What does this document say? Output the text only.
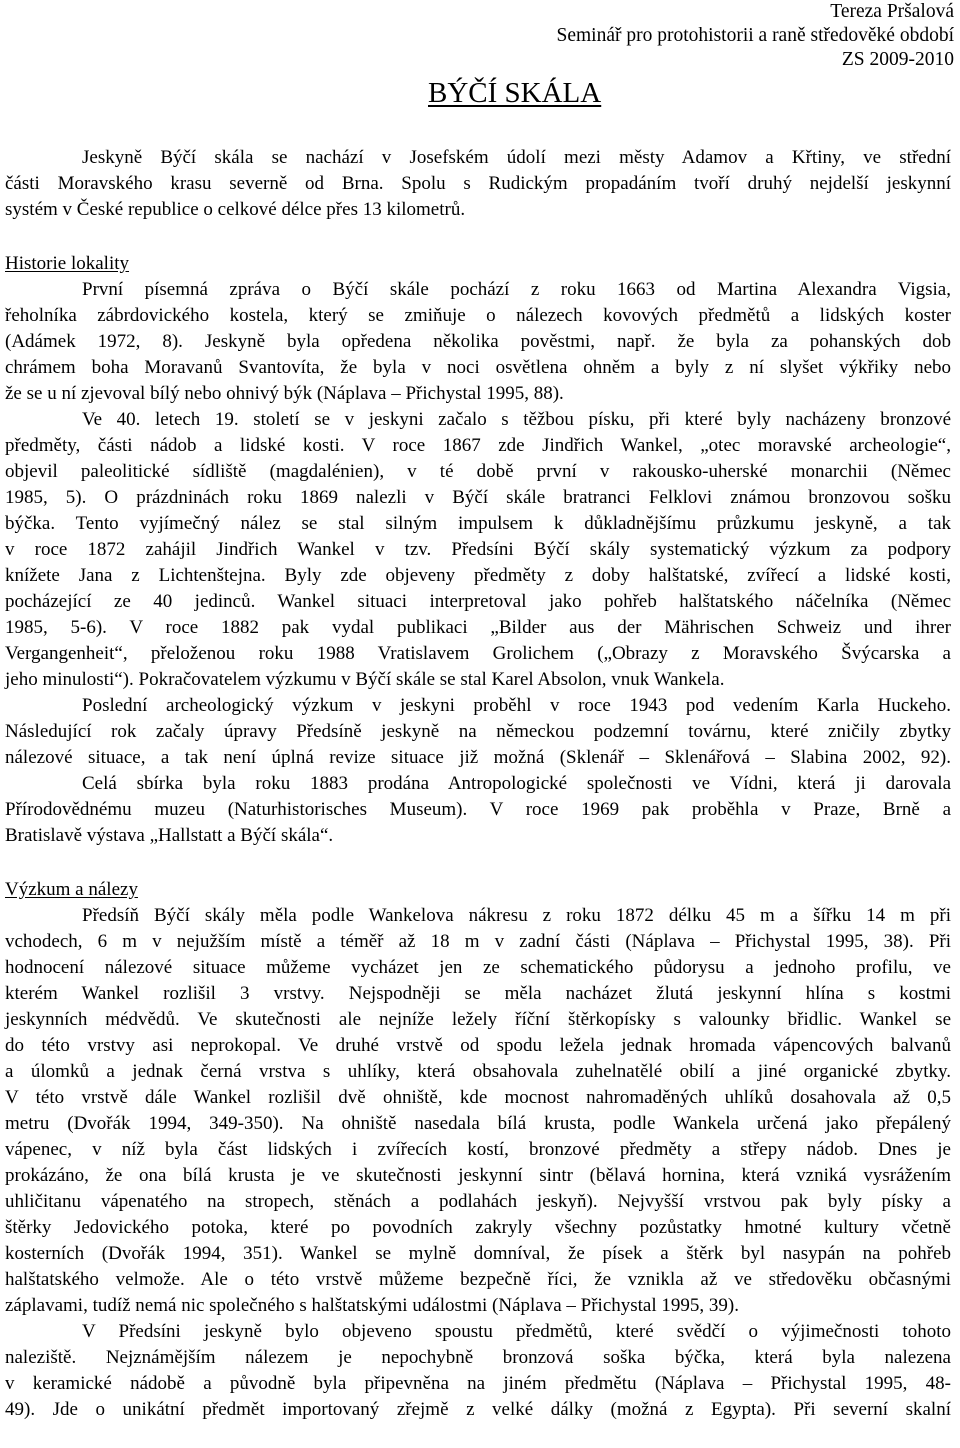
Tereza Pršalová
Seminář pro protohistorii a raně středověké období
ZS 2009-2010
BÝČÍ SKÁLA
Jeskyně Býčí skála se nachází v Josefském údolí mezi městy Adamov a Křtiny, ve střední
části Moravského krasu severně od Brna. Spolu s Rudickým propadáním tvoří druhý nejdelší jeskynní
systém v České republice o celkové délce přes 13 kilometrů.
Historie lokality
První písemná zpráva o Býčí skále pochází z roku 1663 od Martina Alexandra Vigsia,
řeholníka zábrdovického kostela, který se zmiňuje o nálezech kovových předmětů a lidských koster
(Adámek 1972, 8). Jeskyně byla opředena několika pověstmi, např. že byla za pohanských dob
chrámem boha Moravanů Svantovíta, že byla v noci osvětlena ohněm a byly z ní slyšet výkřiky nebo
že se u ní zjevoval bílý nebo ohnivý býk (Náplava – Přichystal 1995, 88).
Ve 40. letech 19. století se v jeskyni začalo s těžbou písku, při které byly nacházeny bronzové
předměty, části nádob a lidské kosti. V roce 1867 zde Jindřich Wankel, „otec moravské archeologie“,
objevil paleolitické sídliště (magdalénien), v té době první v rakousko-uherské monarchii (Němec
1985, 5). O prázdninách roku 1869 nalezli v Býčí skále bratranci Felklovi známou bronzovou sošku
býčka. Tento vyjímečný nález se stal silným impulsem k důkladnějšímu průzkumu jeskyně, a tak
v roce 1872 zahájil Jindřich Wankel v tzv. Předsíni Býčí skály systematický výzkum za podpory
knížete Jana z Lichtenštejna. Byly zde objeveny předměty z doby halštatské, zvířecí a lidské kosti,
pocházející ze 40 jedinců. Wankel situaci interpretoval jako pohřeb halštatského náčelníka (Němec
1985, 5-6). V roce 1882 pak vydal publikaci „Bilder aus der Mährischen Schweiz und ihrer
Vergangenheit“, přeloženou roku 1988 Vratislavem Grolichem („Obrazy z Moravského Švýcarska a
jeho minulosti“). Pokračovatelem výzkumu v Býčí skále se stal Karel Absolon, vnuk Wankela.
Poslední archeologický výzkum v jeskyni proběhl v roce 1943 pod vedením Karla Huckeho.
Následující rok začaly úpravy Předsíně jeskyně na německou podzemní továrnu, které zničily zbytky
nálezové situace, a tak není úplná revize situace již možná (Sklenář – Sklenářová – Slabina 2002, 92).
Celá sbírka byla roku 1883 prodána Antropologické společnosti ve Vídni, která ji darovala
Přírodovědnému muzeu (Naturhistorisches Museum). V roce 1969 pak proběhla v Praze, Brně a
Bratislavě výstava „Hallstatt a Býčí skála“.
Výzkum a nálezy
Předsíň Býčí skály měla podle Wankelova nákresu z roku 1872 délku 45 m a šířku 14 m při
vchodech, 6 m v nejužším místě a téměř až 18 m v zadní části (Náplava – Přichystal 1995, 38). Při
hodnocení nálezové situace můžeme vycházet jen ze schematického půdorysu a jednoho profilu, ve
kterém Wankel rozlišil 3 vrstvy. Nejspodněji se měla nacházet žlutá jeskynní hlína s kostmi
jeskynních médvědů. Ve skutečnosti ale nejníže ležely říční štěrkopísky s valounky břidlic. Wankel se
do této vrstvy asi neprokopal. Ve druhé vrstvě od spodu ležela jednak hromada vápencových balvanů
a úlomků a jednak černá vrstva s uhlíky, která obsahovala zuhelnatělé obilí a jiné organické zbytky.
V této vrstvě dále Wankel rozlišil dvě ohniště, kde mocnost nahromaděných uhlíků dosahovala až 0,5
metru (Dvořák 1994, 349-350). Na ohniště nasedala bílá krusta, podle Wankela určená jako přepálený
vápenec, v níž byla část lidských i zvířecích kostí, bronzové předměty a střepy nádob. Dnes je
prokázáno, že ona bílá krusta je ve skutečnosti jeskynní sintr (bělavá hornina, která vzniká vysrážením
uhličitanu vápenatého na stropech, stěnách a podlahách jeskyň). Nejvyšší vrstvou pak byly písky a
štěrky Jedovického potoka, které po povodních zakryly všechny pozůstatky hmotné kultury včetně
kosterních (Dvořák 1994, 351). Wankel se mylně domníval, že písek a štěrk byl nasypán na pohřeb
halštatského velmože. Ale o této vrstvě můžeme bezpečně říci, že vznikla až ve středověku občasnými
záplavami, tudíž nemá nic společného s halštatskými událostmi (Náplava – Přichystal 1995, 39).
V Předsíni jeskyně bylo objeveno spoustu předmětů, které svědčí o výjimečnosti tohoto
naleziště. Nejznámějším nálezem je nepochybně bronzová soška býčka, která byla nalezena
v keramické nádobě a původně byla připevněna na jiném předmětu (Náplava – Přichystal 1995, 48-
49). Jde o unikátní předmět importovaný zřejmě z velké dálky (možná z Egypta). Při severní skalní
